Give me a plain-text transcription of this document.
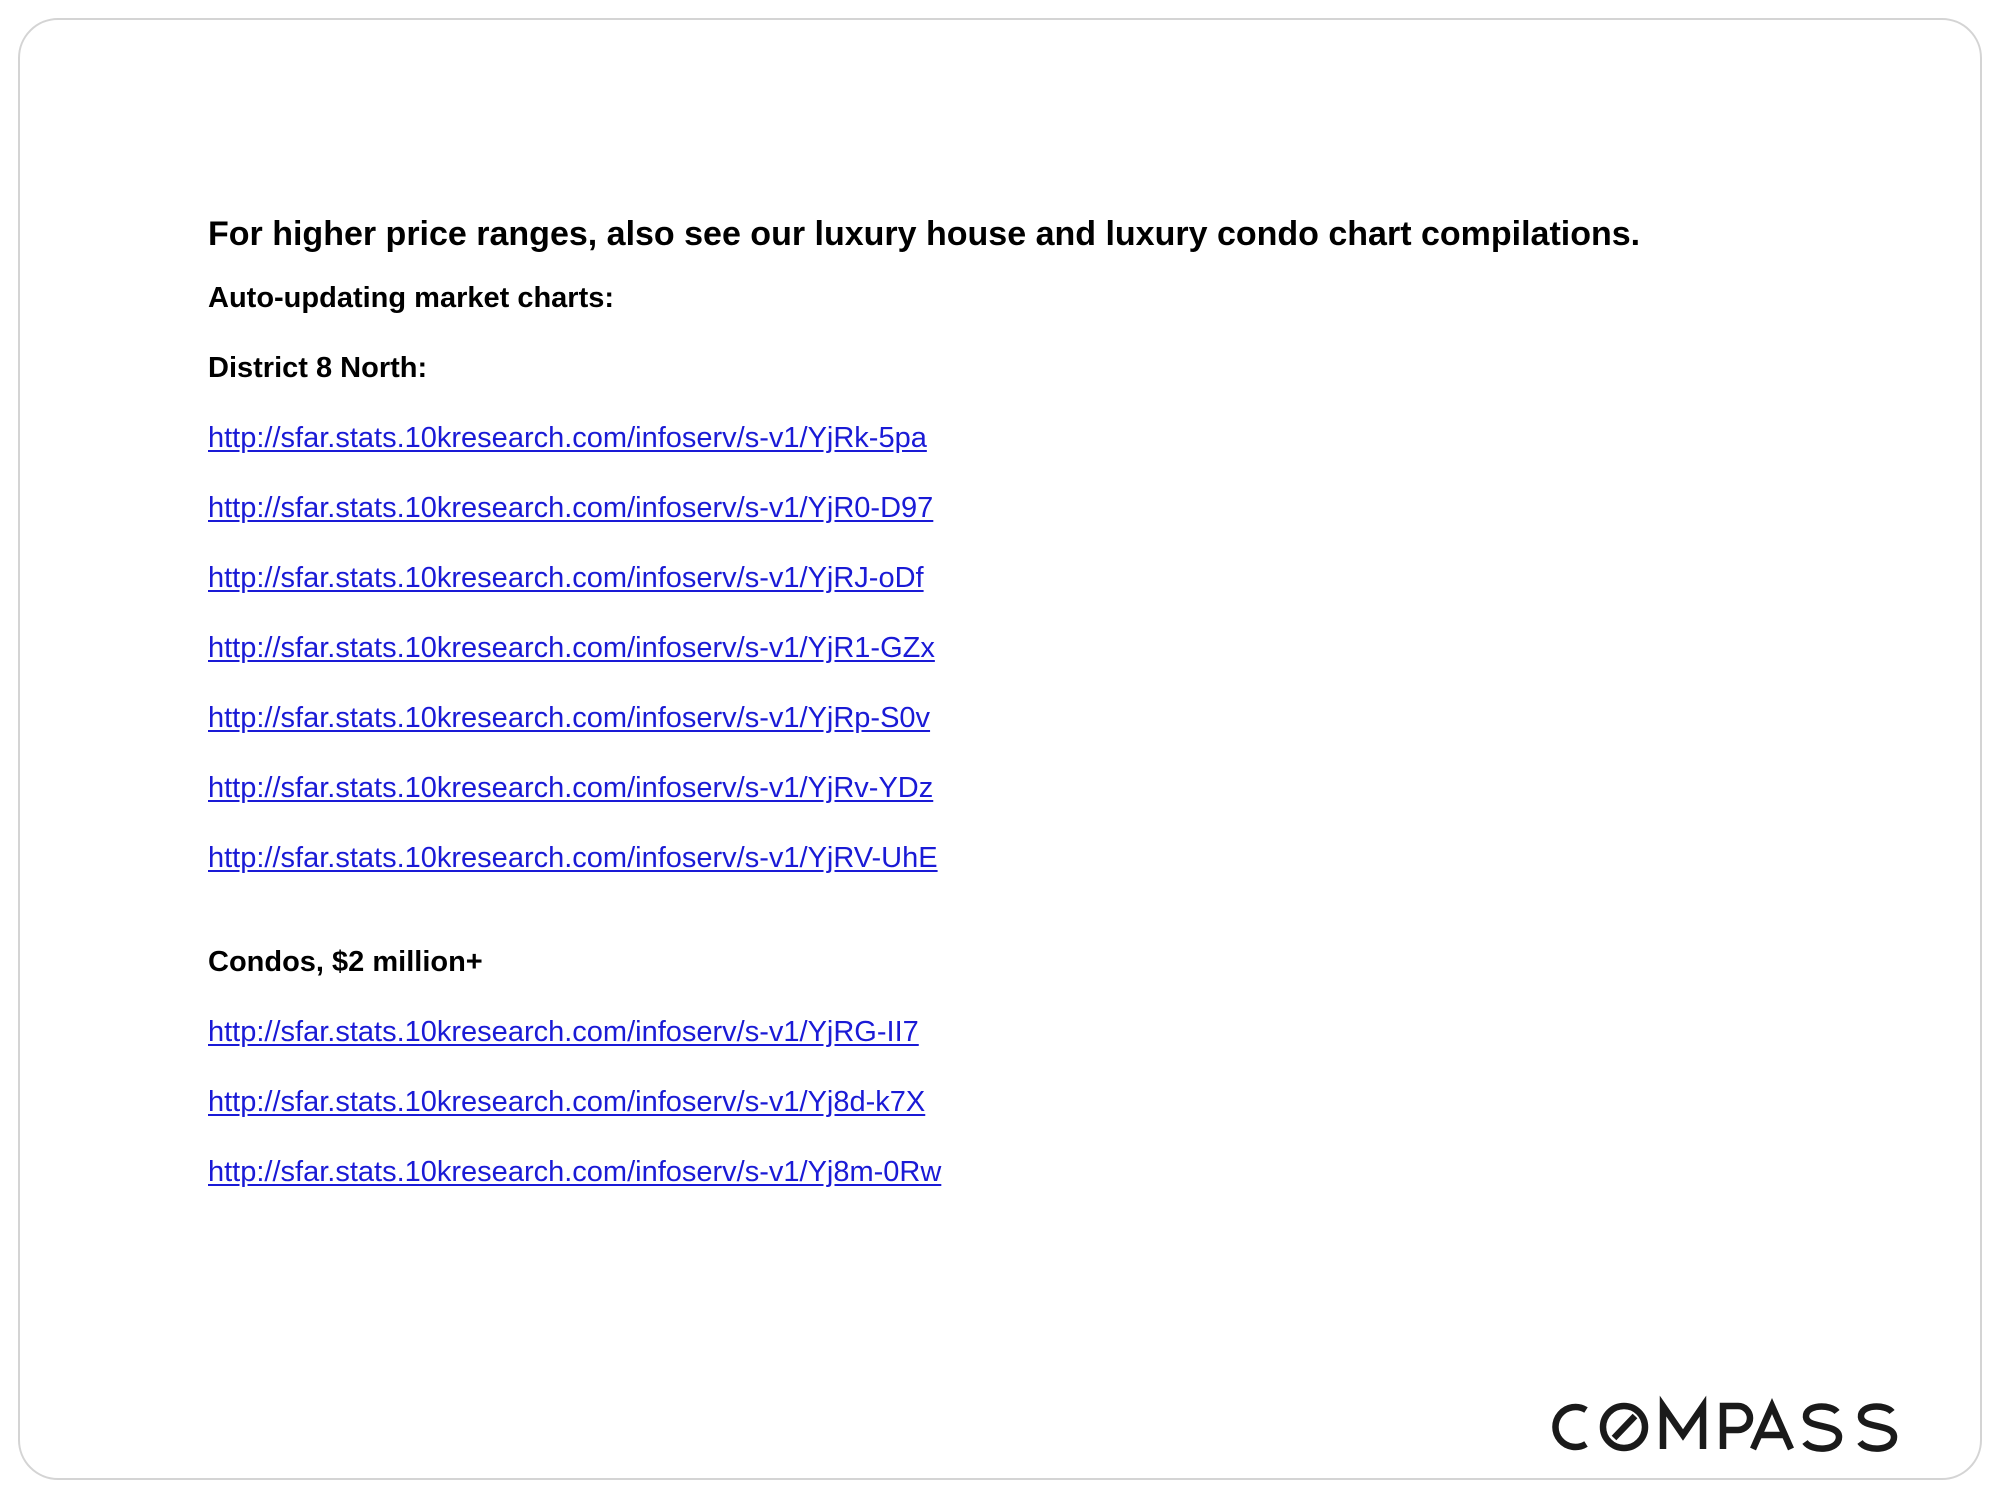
For higher price ranges, also see our luxury house and luxury condo chart compilations.
Auto-updating market charts:
District 8 North:
http://sfar.stats.10kresearch.com/infoserv/s-v1/YjRk-5pa
http://sfar.stats.10kresearch.com/infoserv/s-v1/YjR0-D97
http://sfar.stats.10kresearch.com/infoserv/s-v1/YjRJ-oDf
http://sfar.stats.10kresearch.com/infoserv/s-v1/YjR1-GZx
http://sfar.stats.10kresearch.com/infoserv/s-v1/YjRp-S0v
http://sfar.stats.10kresearch.com/infoserv/s-v1/YjRv-YDz
http://sfar.stats.10kresearch.com/infoserv/s-v1/YjRV-UhE
Condos, $2 million+
http://sfar.stats.10kresearch.com/infoserv/s-v1/YjRG-II7
http://sfar.stats.10kresearch.com/infoserv/s-v1/Yj8d-k7X
http://sfar.stats.10kresearch.com/infoserv/s-v1/Yj8m-0Rw
